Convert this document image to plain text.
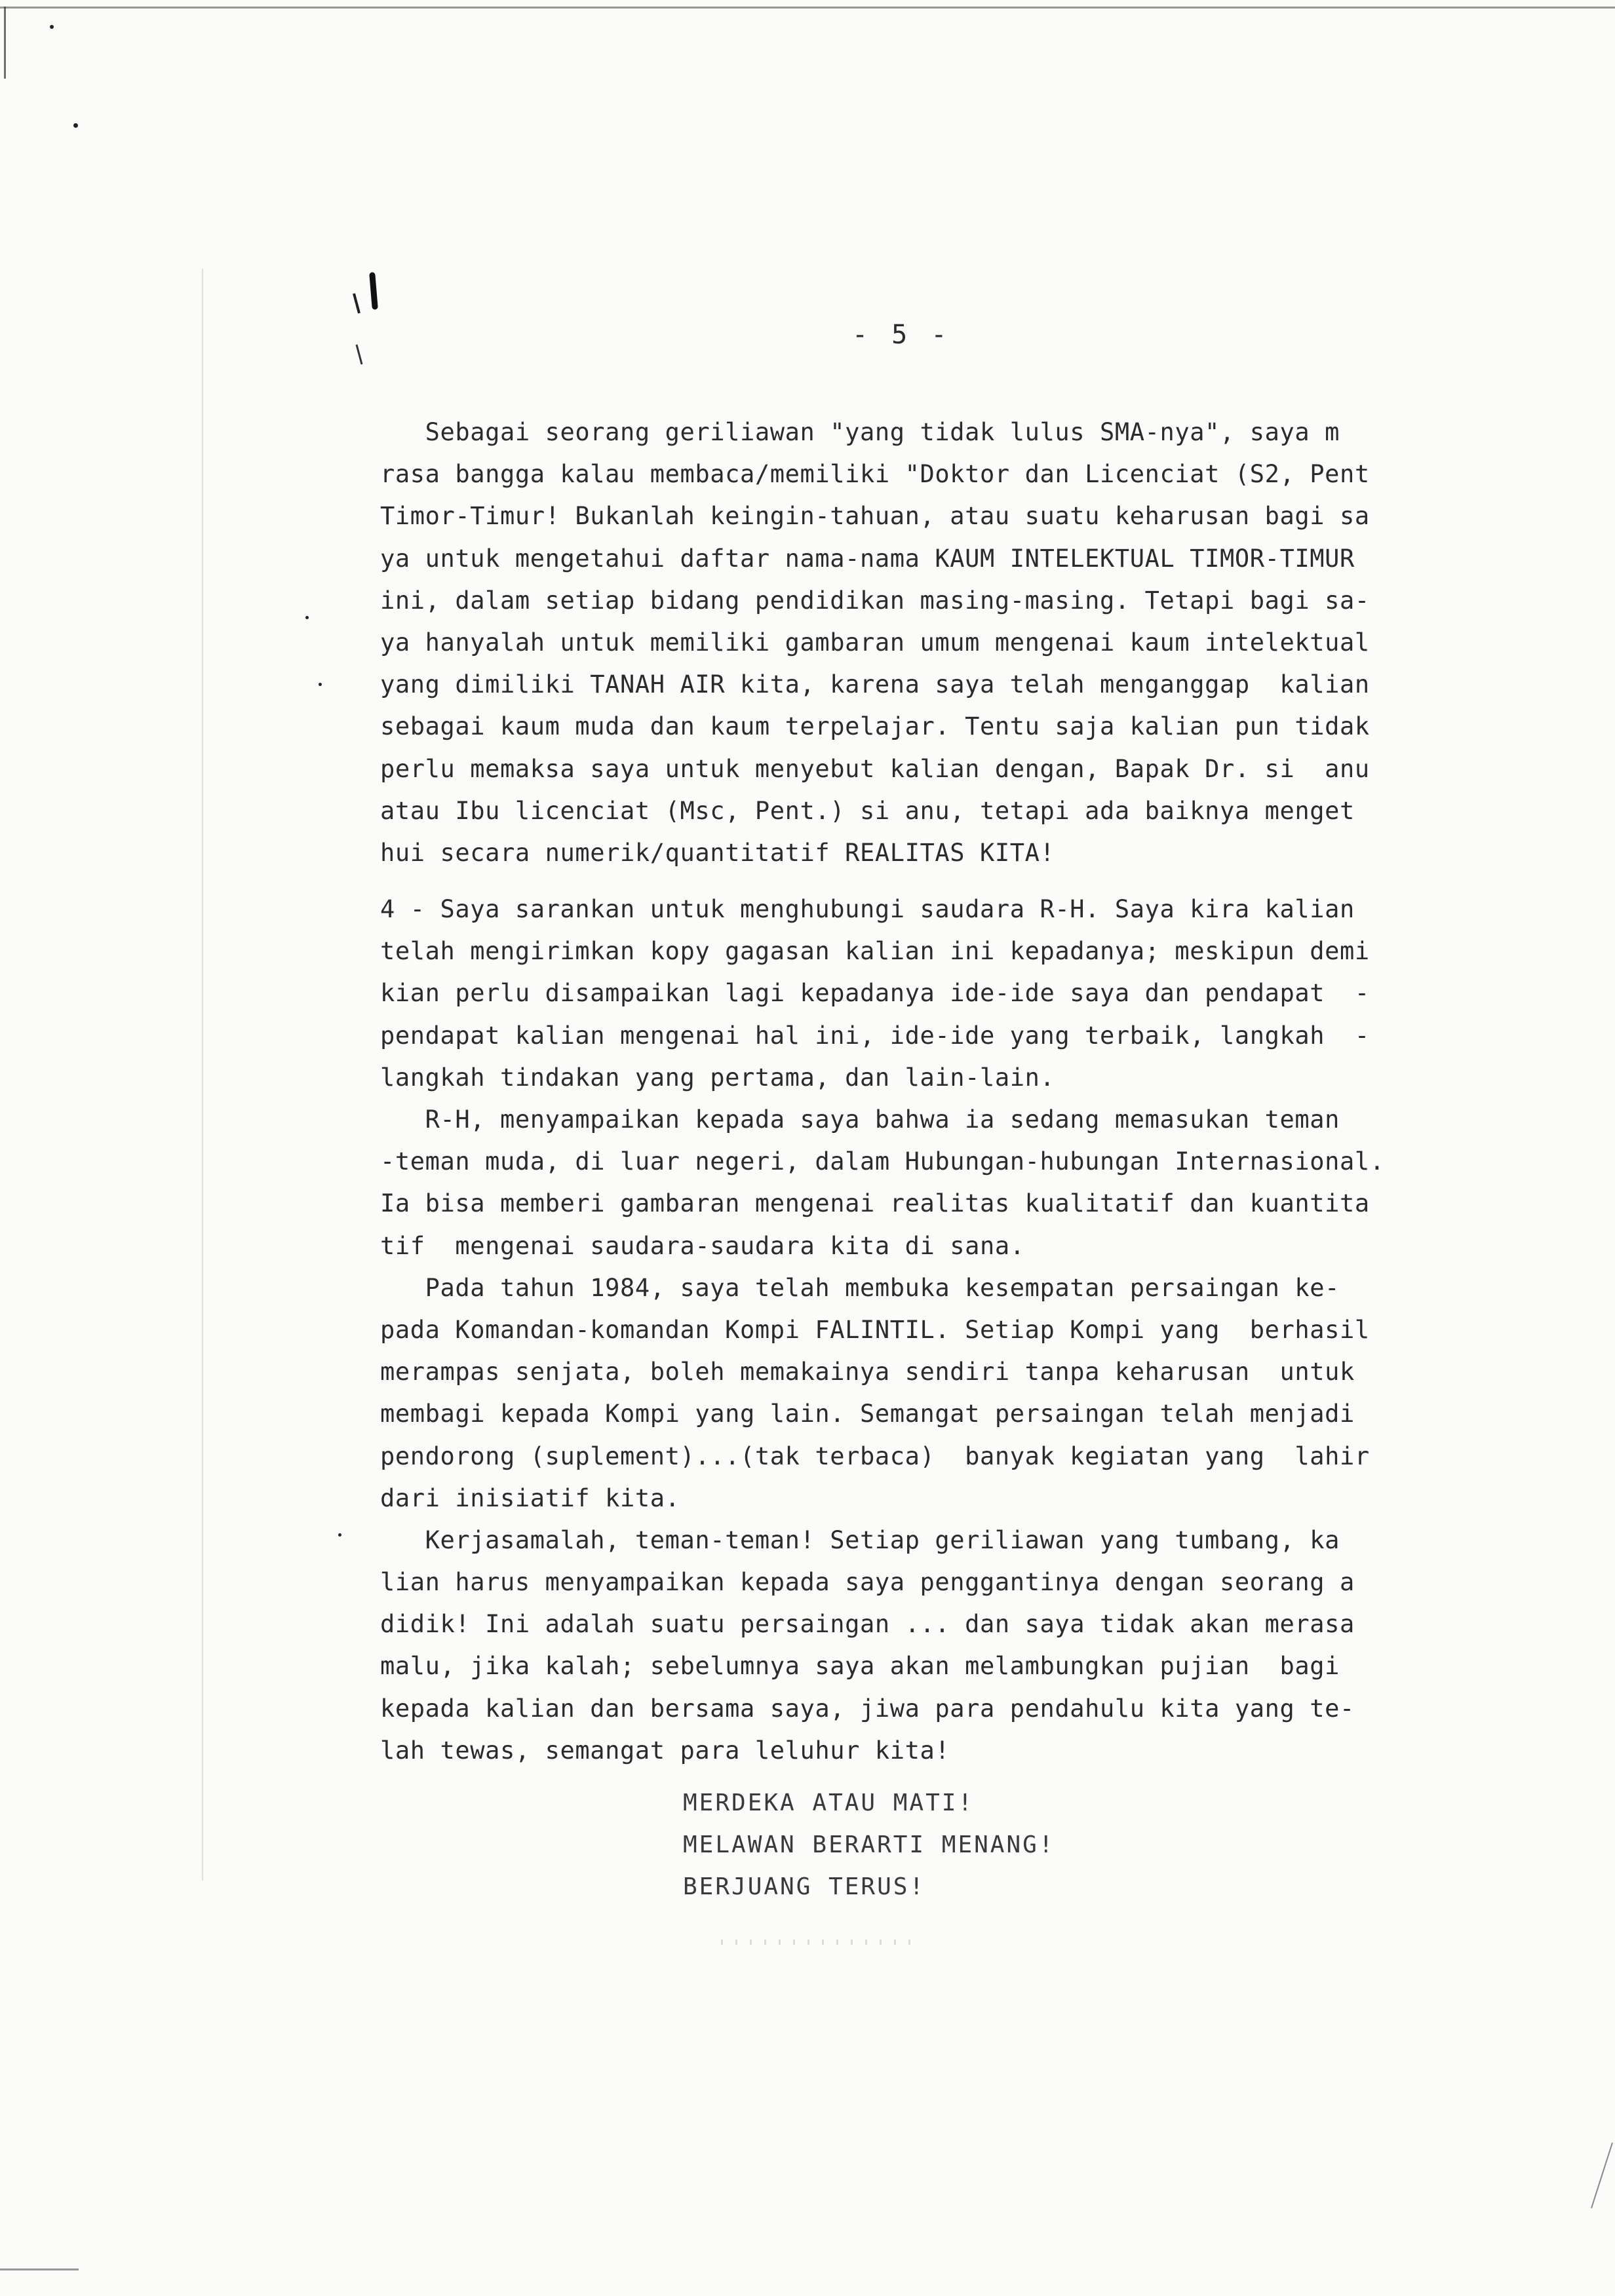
- 5 -
Sebagai seorang geriliawan "yang tidak lulus SMA-nya", saya m
rasa bangga kalau membaca/memiliki "Doktor dan Licenciat (S2, Pent
Timor-Timur! Bukanlah keingin-tahuan, atau suatu keharusan bagi sa
ya untuk mengetahui daftar nama-nama KAUM INTELEKTUAL TIMOR-TIMUR
ini, dalam setiap bidang pendidikan masing-masing. Tetapi bagi sa-
ya hanyalah untuk memiliki gambaran umum mengenai kaum intelektual
yang dimiliki TANAH AIR kita, karena saya telah menganggap  kalian
sebagai kaum muda dan kaum terpelajar. Tentu saja kalian pun tidak
perlu memaksa saya untuk menyebut kalian dengan, Bapak Dr. si  anu
atau Ibu licenciat (Msc, Pent.) si anu, tetapi ada baiknya menget
hui secara numerik/quantitatif REALITAS KITA!
4 - Saya sarankan untuk menghubungi saudara R-H. Saya kira kalian
telah mengirimkan kopy gagasan kalian ini kepadanya; meskipun demi
kian perlu disampaikan lagi kepadanya ide-ide saya dan pendapat  -
pendapat kalian mengenai hal ini, ide-ide yang terbaik, langkah  -
langkah tindakan yang pertama, dan lain-lain.
R-H, menyampaikan kepada saya bahwa ia sedang memasukan teman
-teman muda, di luar negeri, dalam Hubungan-hubungan Internasional.
Ia bisa memberi gambaran mengenai realitas kualitatif dan kuantita
tif  mengenai saudara-saudara kita di sana.
Pada tahun 1984, saya telah membuka kesempatan persaingan ke-
pada Komandan-komandan Kompi FALINTIL. Setiap Kompi yang  berhasil
merampas senjata, boleh memakainya sendiri tanpa keharusan  untuk
membagi kepada Kompi yang lain. Semangat persaingan telah menjadi
pendorong (suplement)...(tak terbaca)  banyak kegiatan yang  lahir
dari inisiatif kita.
Kerjasamalah, teman-teman! Setiap geriliawan yang tumbang, ka
lian harus menyampaikan kepada saya penggantinya dengan seorang a
didik! Ini adalah suatu persaingan ... dan saya tidak akan merasa
malu, jika kalah; sebelumnya saya akan melambungkan pujian  bagi
kepada kalian dan bersama saya, jiwa para pendahulu kita yang te-
lah tewas, semangat para leluhur kita!
MERDEKA ATAU MATI!
MELAWAN BERARTI MENANG!
BERJUANG TERUS!
